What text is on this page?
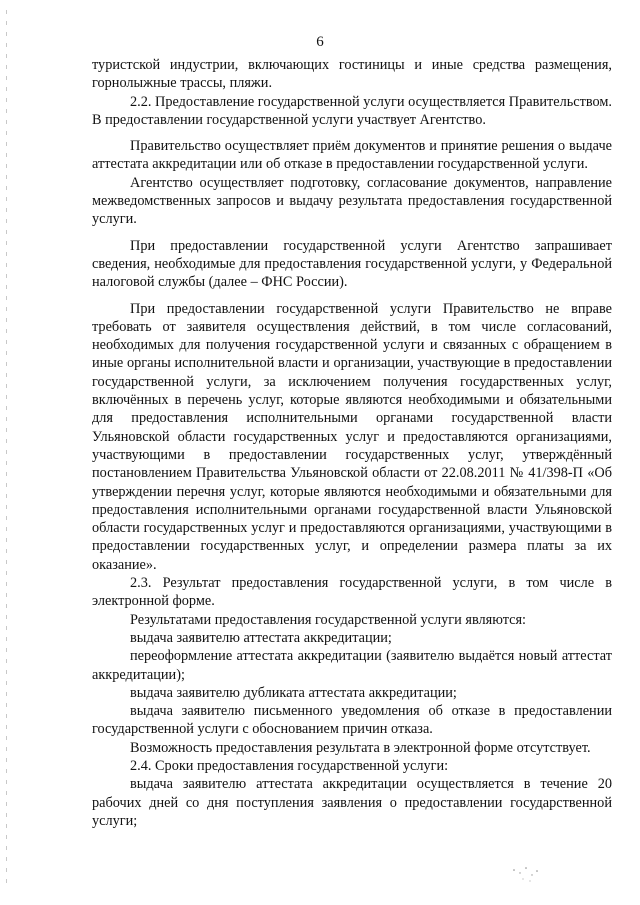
6

туристской индустрии, включающих гостиницы и иные средства размещения, горнолыжные трассы, пляжи.

2.2. Предоставление государственной услуги осуществляется Правительством. В предоставлении государственной услуги участвует Агентство.

Правительство осуществляет приём документов и принятие решения о выдаче аттестата аккредитации или об отказе в предоставлении государственной услуги.

Агентство осуществляет подготовку, согласование документов, направление межведомственных запросов и выдачу результата предоставления государственной услуги.

При предоставлении государственной услуги Агентство запрашивает сведения, необходимые для предоставления государственной услуги, у Федеральной налоговой службы (далее – ФНС России).

При предоставлении государственной услуги Правительство не вправе требовать от заявителя осуществления действий, в том числе согласований, необходимых для получения государственной услуги и связанных с обращением в иные органы исполнительной власти и организации, участвующие в предоставлении государственной услуги, за исключением получения государственных услуг, включённых в перечень услуг, которые являются необходимыми и обязательными для предоставления исполнительными органами государственной власти Ульяновской области государственных услуг и предоставляются организациями, участвующими в предоставлении государственных услуг, утверждённый постановлением Правительства Ульяновской области от 22.08.2011 № 41/398-П «Об утверждении перечня услуг, которые являются необходимыми и обязательными для предоставления исполнительными органами государственной власти Ульяновской области государственных услуг и предоставляются организациями, участвующими в предоставлении государственных услуг, и определении размера платы за их оказание».

2.3. Результат предоставления государственной услуги, в том числе в электронной форме.

Результатами предоставления государственной услуги являются:

выдача заявителю аттестата аккредитации;

переоформление аттестата аккредитации (заявителю выдаётся новый аттестат аккредитации);

выдача заявителю дубликата аттестата аккредитации;

выдача заявителю письменного уведомления об отказе в предоставлении государственной услуги с обоснованием причин отказа.

Возможность предоставления результата в электронной форме отсутствует.

2.4. Сроки предоставления государственной услуги:

выдача заявителю аттестата аккредитации осуществляется в течение 20 рабочих дней со дня поступления заявления о предоставлении государственной услуги;
